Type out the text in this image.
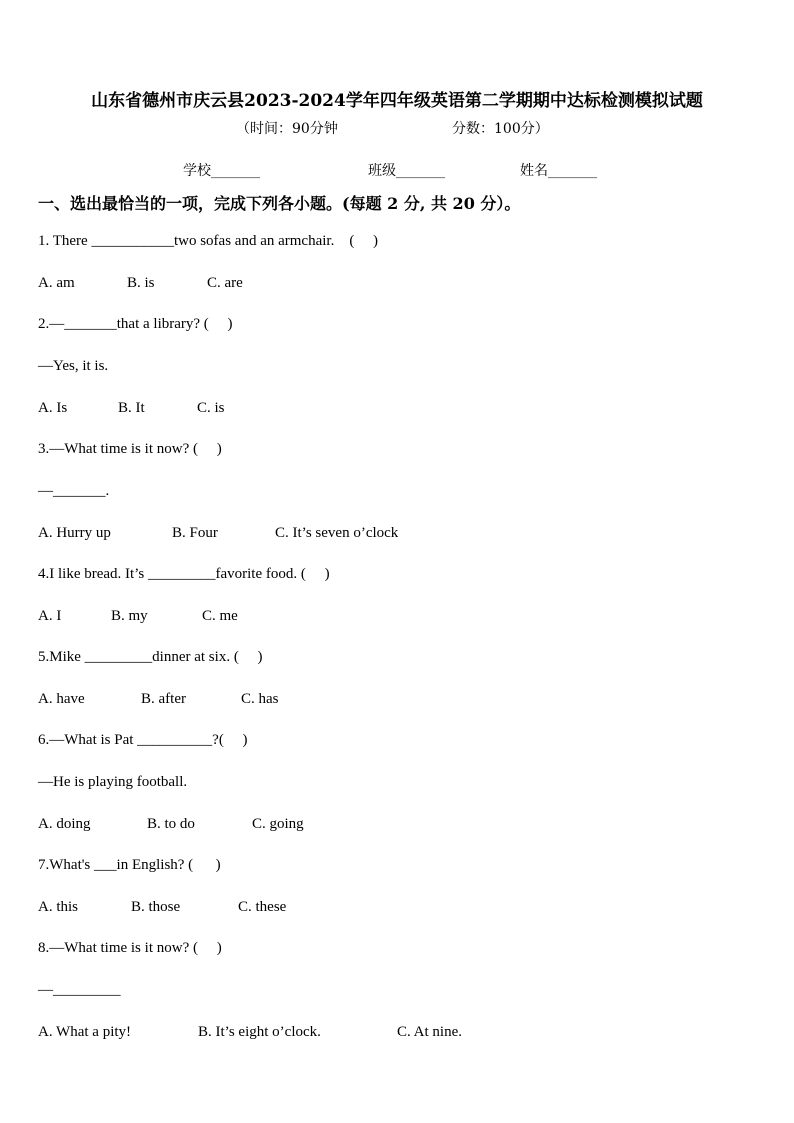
山东省德州市庆云县2023-2024学年四年级英语第二学期期中达标检测模拟试题
（时间：90分钟	分数：100分）
学校_______	班级_______	姓名_______
一、选出最恰当的一项，完成下列各小题。(每题 2 分, 共 20 分）。
1. There ___________two sofas and an armchair.    (     )
A. am	B. is	C. are
2.—_______that a library? (     )
—Yes, it is.
A. Is	B. It	C. is
3.—What time is it now? (     )
—_______.
A. Hurry up	B. Four	C. It’s seven o’clock
4.I like bread. It’s _________favorite food. (     )
A. I	B. my	C. me
5.Mike _________dinner at six. (     )
A. have	B. after	C. has
6.—What is Pat __________?(     )
—He is playing football.
A. doing	B. to do	C. going
7.What's ___in English? (      )
A. this	B. those	C. these
8.—What time is it now? (     )
—_________
A. What a pity!	B. It’s eight o’clock.	C. At nine.
